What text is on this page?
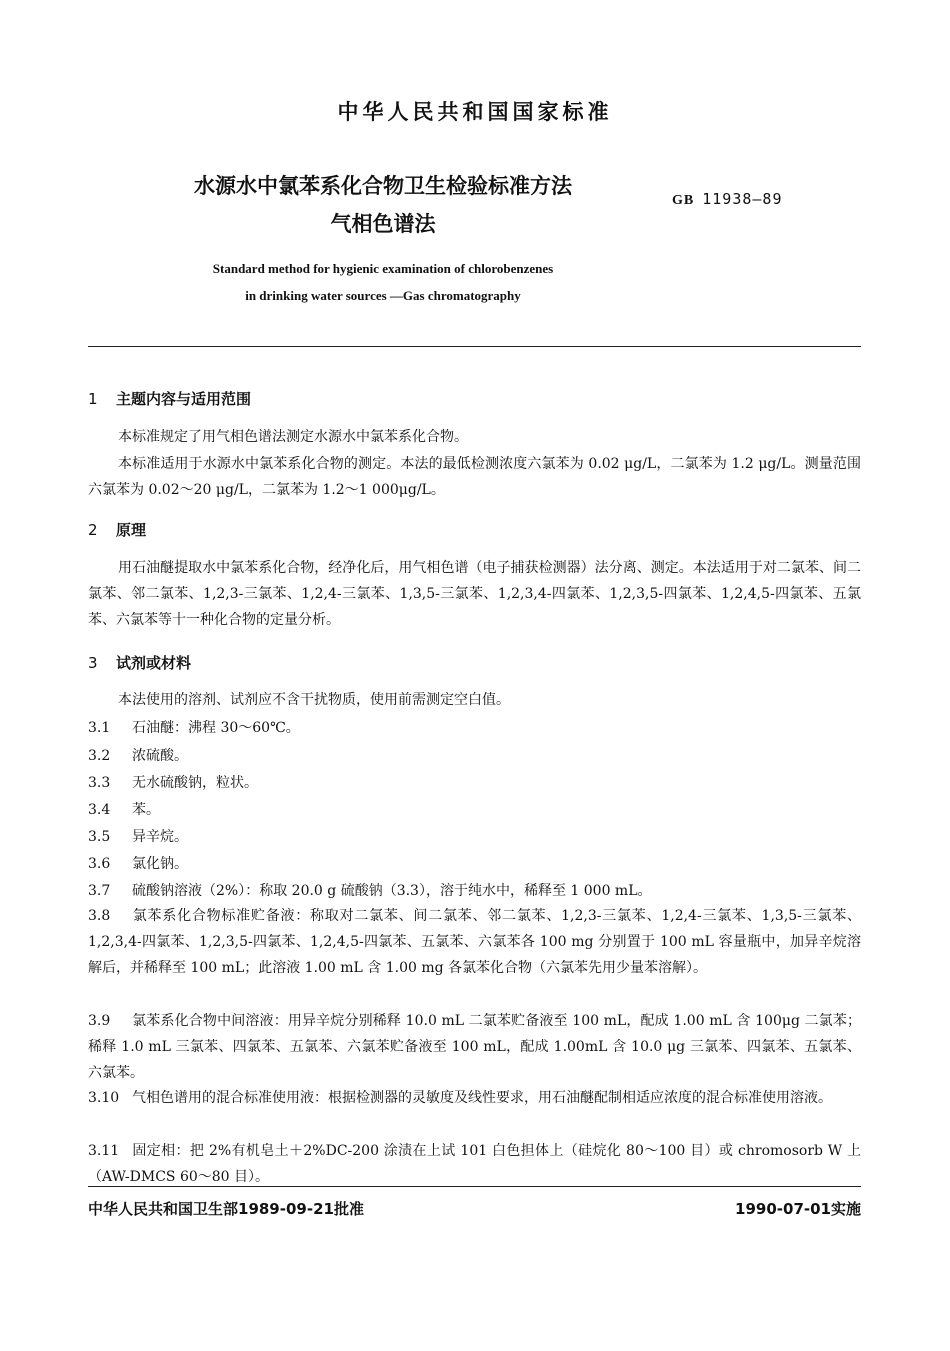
中华人民共和国国家标准
水源水中氯苯系化合物卫生检验标准方法
气相色谱法
GB 11938—89
Standard method for hygienic examination of chlorobenzenes
in drinking water sources —Gas chromatography
1 主题内容与适用范围
本标准规定了用气相色谱法测定水源水中氯苯系化合物。
本标准适用于水源水中氯苯系化合物的测定。本法的最低检测浓度六氯苯为 0.02 μg/L，二氯苯为 1.2 μg/L。测量范围六氯苯为 0.02～20 μg/L，二氯苯为 1.2～1 000μg/L。
2 原理
用石油醚提取水中氯苯系化合物，经净化后，用气相色谱（电子捕获检测器）法分离、测定。本法适用于对二氯苯、间二氯苯、邻二氯苯、1,2,3-三氯苯、1,2,4-三氯苯、1,3,5-三氯苯、1,2,3,4-四氯苯、1,2,3,5-四氯苯、1,2,4,5-四氯苯、五氯苯、六氯苯等十一种化合物的定量分析。
3 试剂或材料
本法使用的溶剂、试剂应不含干扰物质，使用前需测定空白值。
3.1 石油醚：沸程 30～60℃。
3.2 浓硫酸。
3.3 无水硫酸钠，粒状。
3.4 苯。
3.5 异辛烷。
3.6 氯化钠。
3.7 硫酸钠溶液（2%）：称取 20.0 g 硫酸钠（3.3），溶于纯水中，稀释至 1 000 mL。
3.8 氯苯系化合物标准贮备液：称取对二氯苯、间二氯苯、邻二氯苯、1,2,3-三氯苯、1,2,4-三氯苯、1,3,5-三氯苯、1,2,3,4-四氯苯、1,2,3,5-四氯苯、1,2,4,5-四氯苯、五氯苯、六氯苯各 100 mg 分别置于 100 mL 容量瓶中，加异辛烷溶解后，并稀释至 100 mL；此溶液 1.00 mL 含 1.00 mg 各氯苯化合物（六氯苯先用少量苯溶解）。
3.9 氯苯系化合物中间溶液：用异辛烷分别稀释 10.0 mL 二氯苯贮备液至 100 mL，配成 1.00 mL 含 100μg 二氯苯；稀释 1.0 mL 三氯苯、四氯苯、五氯苯、六氯苯贮备液至 100 mL，配成 1.00mL 含 10.0 μg 三氯苯、四氯苯、五氯苯、六氯苯。
3.10 气相色谱用的混合标准使用液：根据检测器的灵敏度及线性要求，用石油醚配制相适应浓度的混合标准使用溶液。
3.11 固定相：把 2%有机皂土＋2%DC-200 涂渍在上试 101 白色担体上（硅烷化 80～100 目）或 chromosorb W 上（AW-DMCS 60～80 目）。
中华人民共和国卫生部1989-09-21批准	1990-07-01实施
